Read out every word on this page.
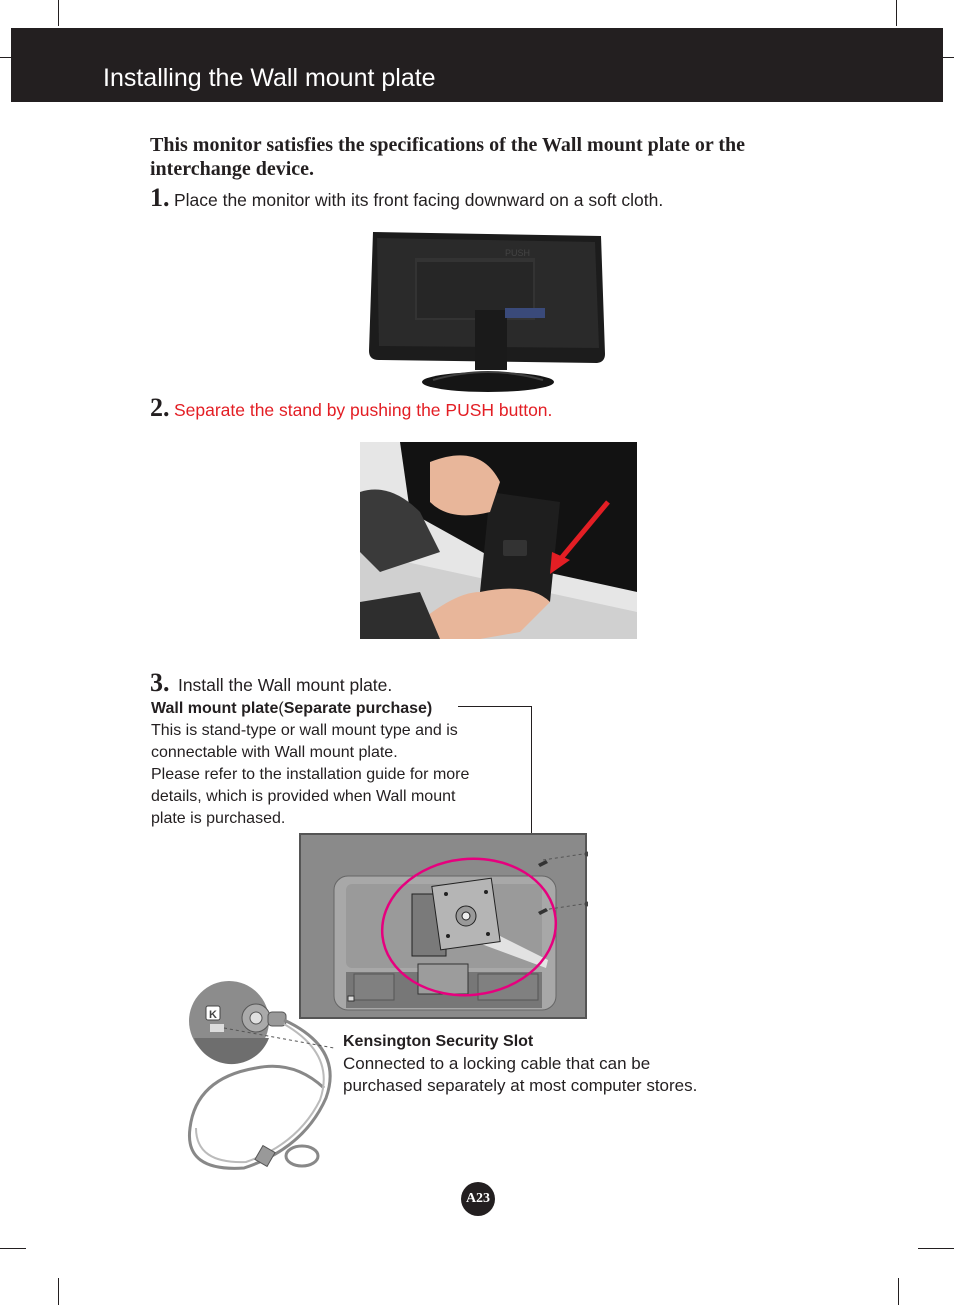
Installing the Wall mount plate
This monitor satisfies the specifications of the Wall mount plate or the interchange device.
1. Place the monitor with its front facing downward on a soft cloth.
PUSH
2. Separate the stand by pushing the PUSH button.
3. Install the Wall mount plate.
Wall mount plate(Separate purchase)
This is stand-type or wall mount type and is
connectable with Wall mount plate.
Please refer to the installation guide for more
details, which is provided when Wall mount
plate is purchased.
K
Kensington Security Slot
Connected to a locking cable that can be
purchased separately at most computer stores.
A23
